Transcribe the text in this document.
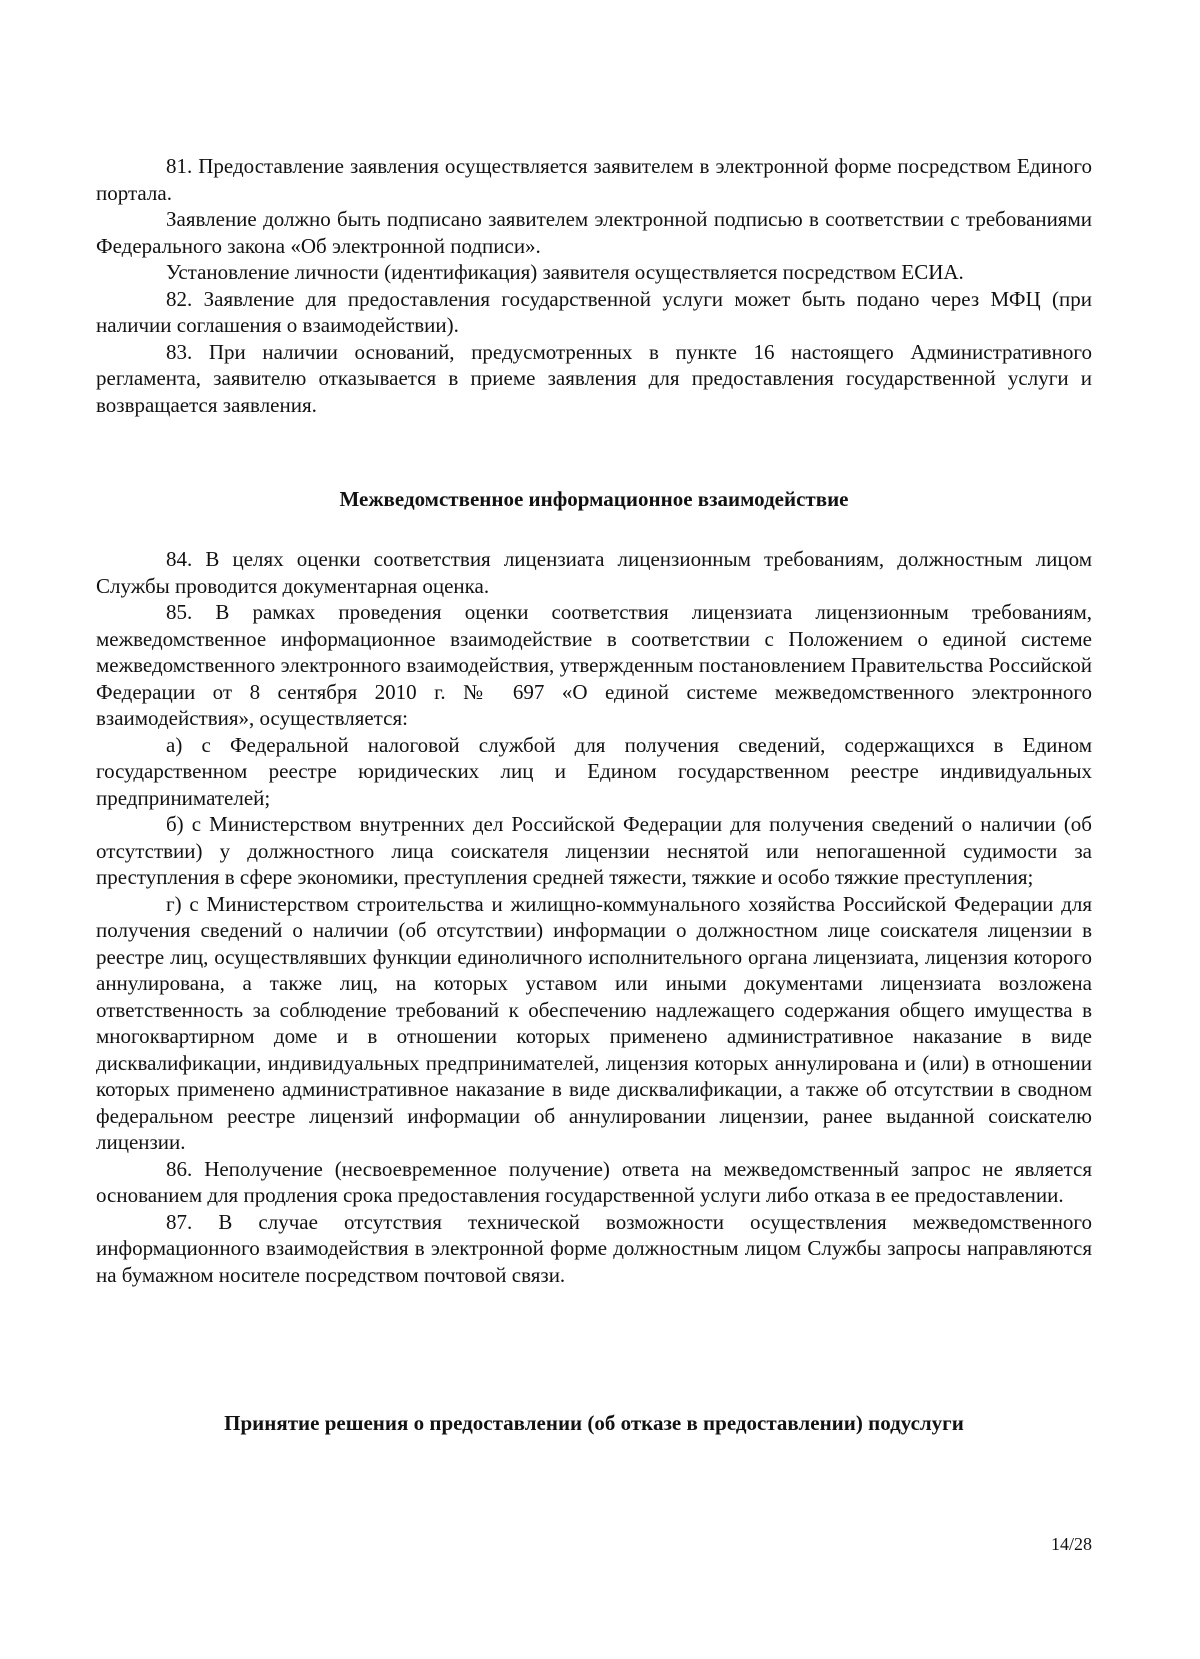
81. Предоставление заявления осуществляется заявителем в электронной форме посредством Единого портала.

Заявление должно быть подписано заявителем электронной подписью в соответствии с требованиями Федерального закона «Об электронной подписи».

Установление личности (идентификация) заявителя осуществляется посредством ЕСИА.

82. Заявление для предоставления государственной услуги может быть подано через МФЦ (при наличии соглашения о взаимодействии).

83. При наличии оснований, предусмотренных в пункте 16 настоящего Административного регламента, заявителю отказывается в приеме заявления для предоставления государственной услуги и возвращается заявления.

Межведомственное информационное взаимодействие

84. В целях оценки соответствия лицензиата лицензионным требованиям, должностным лицом Службы проводится документарная оценка.

85. В рамках проведения оценки соответствия лицензиата лицензионным требованиям, межведомственное информационное взаимодействие в соответствии с Положением о единой системе межведомственного электронного взаимодействия, утвержденным постановлением Правительства Российской Федерации от 8 сентября 2010 г. № 697 «О единой системе межведомственного электронного взаимодействия», осуществляется:

а) с Федеральной налоговой службой для получения сведений, содержащихся в Едином государственном реестре юридических лиц и Едином государственном реестре индивидуальных предпринимателей;

б) с Министерством внутренних дел Российской Федерации для получения сведений о наличии (об отсутствии) у должностного лица соискателя лицензии неснятой или непогашенной судимости за преступления в сфере экономики, преступления средней тяжести, тяжкие и особо тяжкие преступления;

г) с Министерством строительства и жилищно-коммунального хозяйства Российской Федерации для получения сведений о наличии (об отсутствии) информации о должностном лице соискателя лицензии в реестре лиц, осуществлявших функции единоличного исполнительного органа лицензиата, лицензия которого аннулирована, а также лиц, на которых уставом или иными документами лицензиата возложена ответственность за соблюдение требований к обеспечению надлежащего содержания общего имущества в многоквартирном доме и в отношении которых применено административное наказание в виде дисквалификации, индивидуальных предпринимателей, лицензия которых аннулирована и (или) в отношении которых применено административное наказание в виде дисквалификации, а также об отсутствии в сводном федеральном реестре лицензий информации об аннулировании лицензии, ранее выданной соискателю лицензии.

86. Неполучение (несвоевременное получение) ответа на межведомственный запрос не является основанием для продления срока предоставления государственной услуги либо отказа в ее предоставлении.

87. В случае отсутствия технической возможности осуществления межведомственного информационного взаимодействия в электронной форме должностным лицом Службы запросы направляются на бумажном носителе посредством почтовой связи.

Принятие решения о предоставлении (об отказе в предоставлении) подуслуги
14/28
